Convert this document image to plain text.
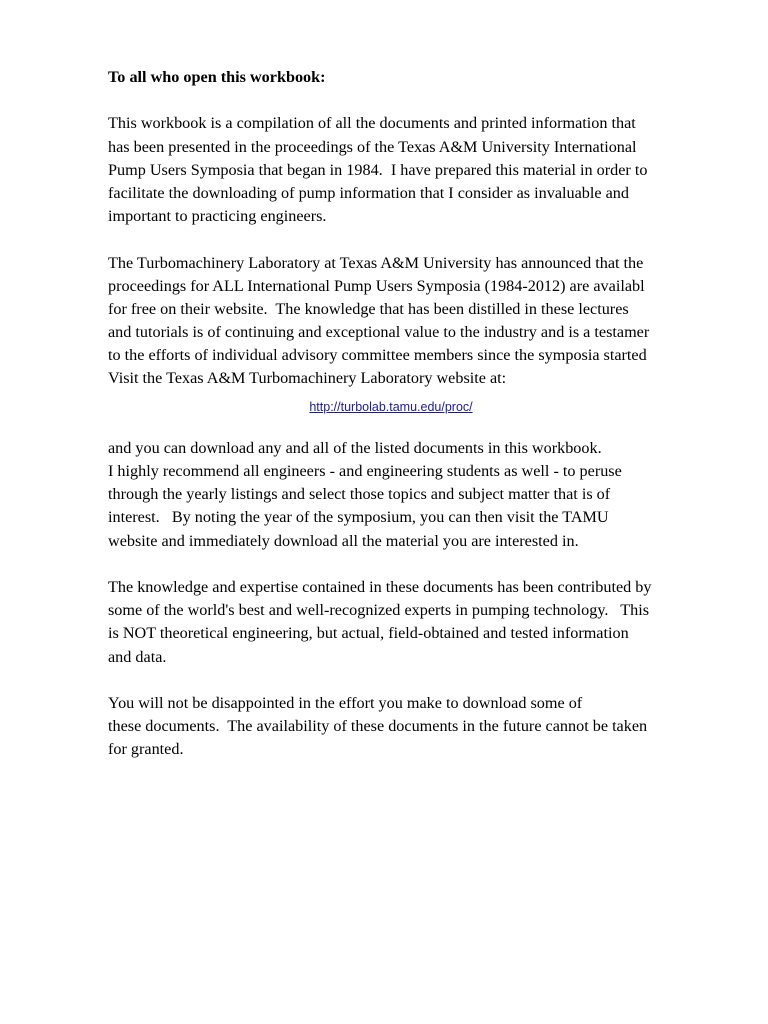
To all who open this workbook:
This workbook is a compilation of all the documents and printed information that
has been presented in the proceedings of the Texas A&M University International
Pump Users Symposia that began in 1984.  I have prepared this material in order to
facilitate the downloading of pump information that I consider as invaluable and
important to practicing engineers.
The Turbomachinery Laboratory at Texas A&M University has announced that the
proceedings for ALL International Pump Users Symposia (1984-2012) are availabl
for free on their website.  The knowledge that has been distilled in these lectures
and tutorials is of continuing and exceptional value to the industry and is a testamer
to the efforts of individual advisory committee members since the symposia started
Visit the Texas A&M Turbomachinery Laboratory website at:
http://turbolab.tamu.edu/proc/
and you can download any and all of the listed documents in this workbook.
I highly recommend all engineers - and engineering students as well - to peruse
through the yearly listings and select those topics and subject matter that is of
interest.   By noting the year of the symposium, you can then visit the TAMU
website and immediately download all the material you are interested in.
The knowledge and expertise contained in these documents has been contributed by
some of the world's best and well-recognized experts in pumping technology.   This
is NOT theoretical engineering, but actual, field-obtained and tested information
and data.
You will not be disappointed in the effort you make to download some of
these documents.  The availability of these documents in the future cannot be taken
for granted.
